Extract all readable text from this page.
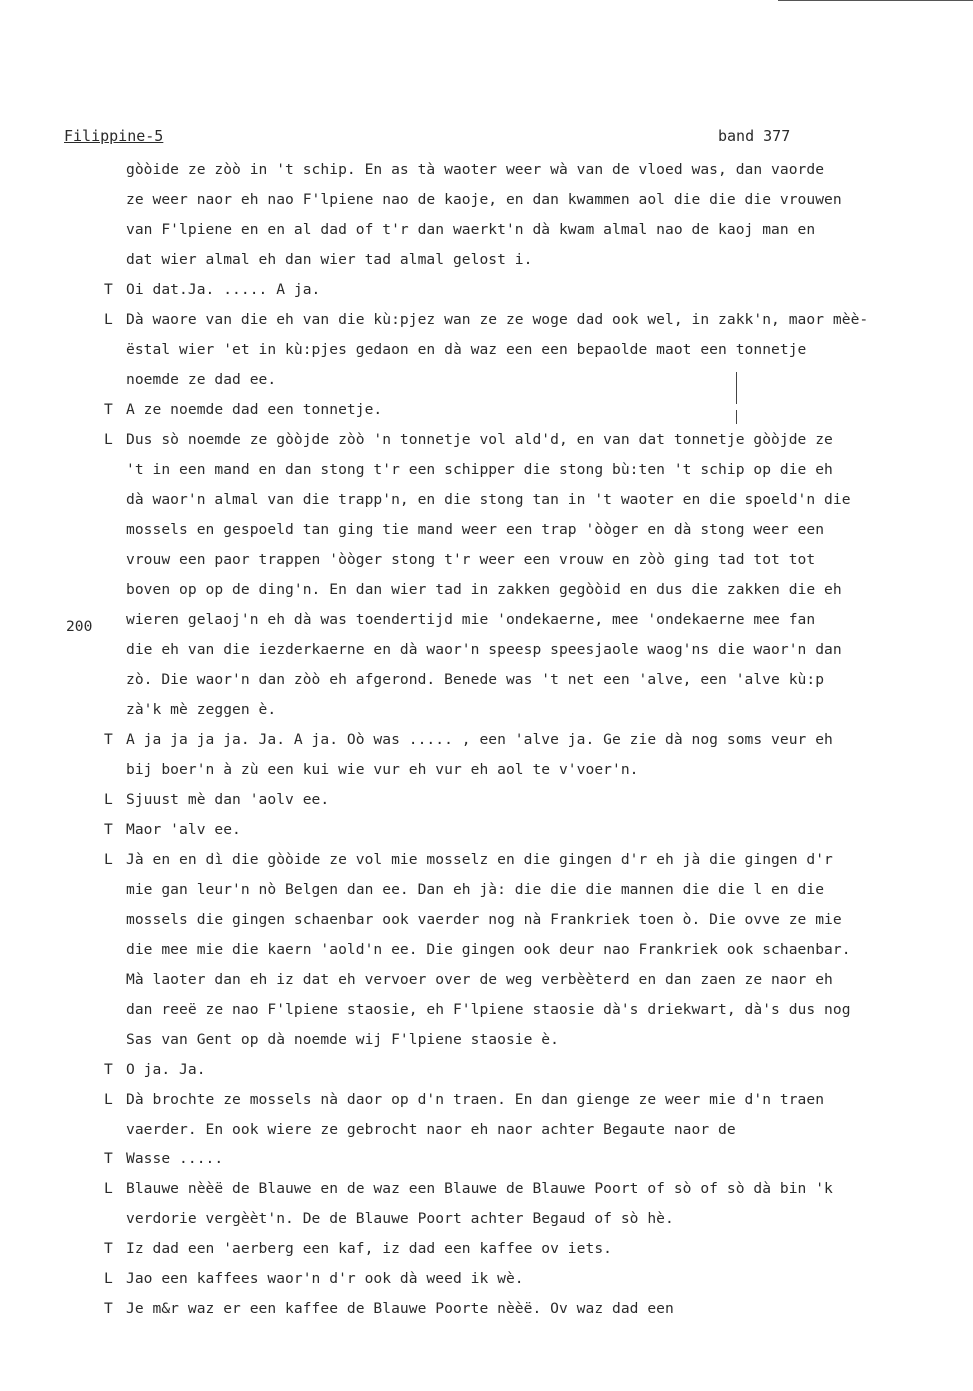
Filippine-5	band 377
gòòide ze zòò in 't schip. En as tà waoter weer wà van de vloed was, dan vaorde
ze weer naor eh nao F'lpiene nao de kaoje, en dan kwammen aol die die die vrouwen
van F'lpiene en en al dad of t'r dan waerkt'n dà kwam almal nao de kaoj man en
dat wier almal eh dan wier tad almal gelost i.
T Oi dat.Ja. ..... A ja.
L Dà waore van die eh van die kù:pjez wan ze ze woge dad ook wel, in zakk'n, maor mèè-
ëstal wier 'et in kù:pjes gedaon en dà waz een een bepaolde maot een tonnetje
noemde ze dad ee.
T A ze noemde dad een tonnetje.
L Dus sò noemde ze gòòjde zòò 'n tonnetje vol ald'd, en van dat tonnetje gòòjde ze
't in een mand en dan stong t'r een schipper die stong bù:ten 't schip op die eh
dà waor'n almal van die trapp'n, en die stong tan in 't waoter en die spoeld'n die
mossels en gespoeld tan ging tie mand weer een trap 'òòger en dà stong weer een
vrouw een paor trappen 'òòger stong t'r weer een vrouw en zòò ging tad tot tot
boven op op de ding'n. En dan wier tad in zakken gegòòid en dus die zakken die eh
wieren gelaoj'n eh dà was toendertijd mie 'ondekaerne, mee 'ondekaerne mee fan
die eh van die iezderkaerne en dà waor'n speesp speesjaole waog'ns die waor'n dan
zò. Die waor'n dan zòò eh afgerond. Benede was 't net een 'alve, een 'alve kù:p
zà'k mè zeggen è.
T A ja ja ja ja. Ja. A ja. Oò was ..... , een 'alve ja. Ge zie dà nog soms veur eh
bij boer'n à zù een kui wie vur eh vur eh aol te v'voer'n.
L Sjuust mè dan 'aolv ee.
T Maor 'alv ee.
L Jà en en dì die gòòide ze vol mie mosselz en die gingen d'r eh jà die gingen d'r
mie gan leur'n nò Belgen dan ee. Dan eh jà: die die die mannen die die l en die
mossels die gingen schaenbar ook vaerder nog nà Frankriek toen ò. Die ovve ze mie
die mee mie die kaern 'aold'n ee. Die gingen ook deur nao Frankriek ook schaenbar.
Mà laoter dan eh iz dat eh vervoer over de weg verbèèterd en dan zaen ze naor eh
dan reeë ze nao F'lpiene staosie, eh F'lpiene staosie dà's driekwart, dà's dus nog
Sas van Gent op dà noemde wij F'lpiene staosie è.
T O ja. Ja.
L Dà brochte ze mossels nà daor op d'n traen. En dan gienge ze weer mie d'n traen
vaerder. En ook wiere ze gebrocht naor eh naor achter Begaute naor de
T Wasse .....
L Blauwe nèèë de Blauwe en de waz een Blauwe de Blauwe Poort of sò of sò dà bin 'k
verdorie vergèèt'n. De de Blauwe Poort achter Begaud of sò hè.
T Iz dad een 'aerberg een kaf, iz dad een kaffee ov iets.
L Jao een kaffees waor'n d'r ook dà weed ik wè.
T Je m&r waz er een kaffee de Blauwe Poorte nèèë. Ov waz dad een
200
